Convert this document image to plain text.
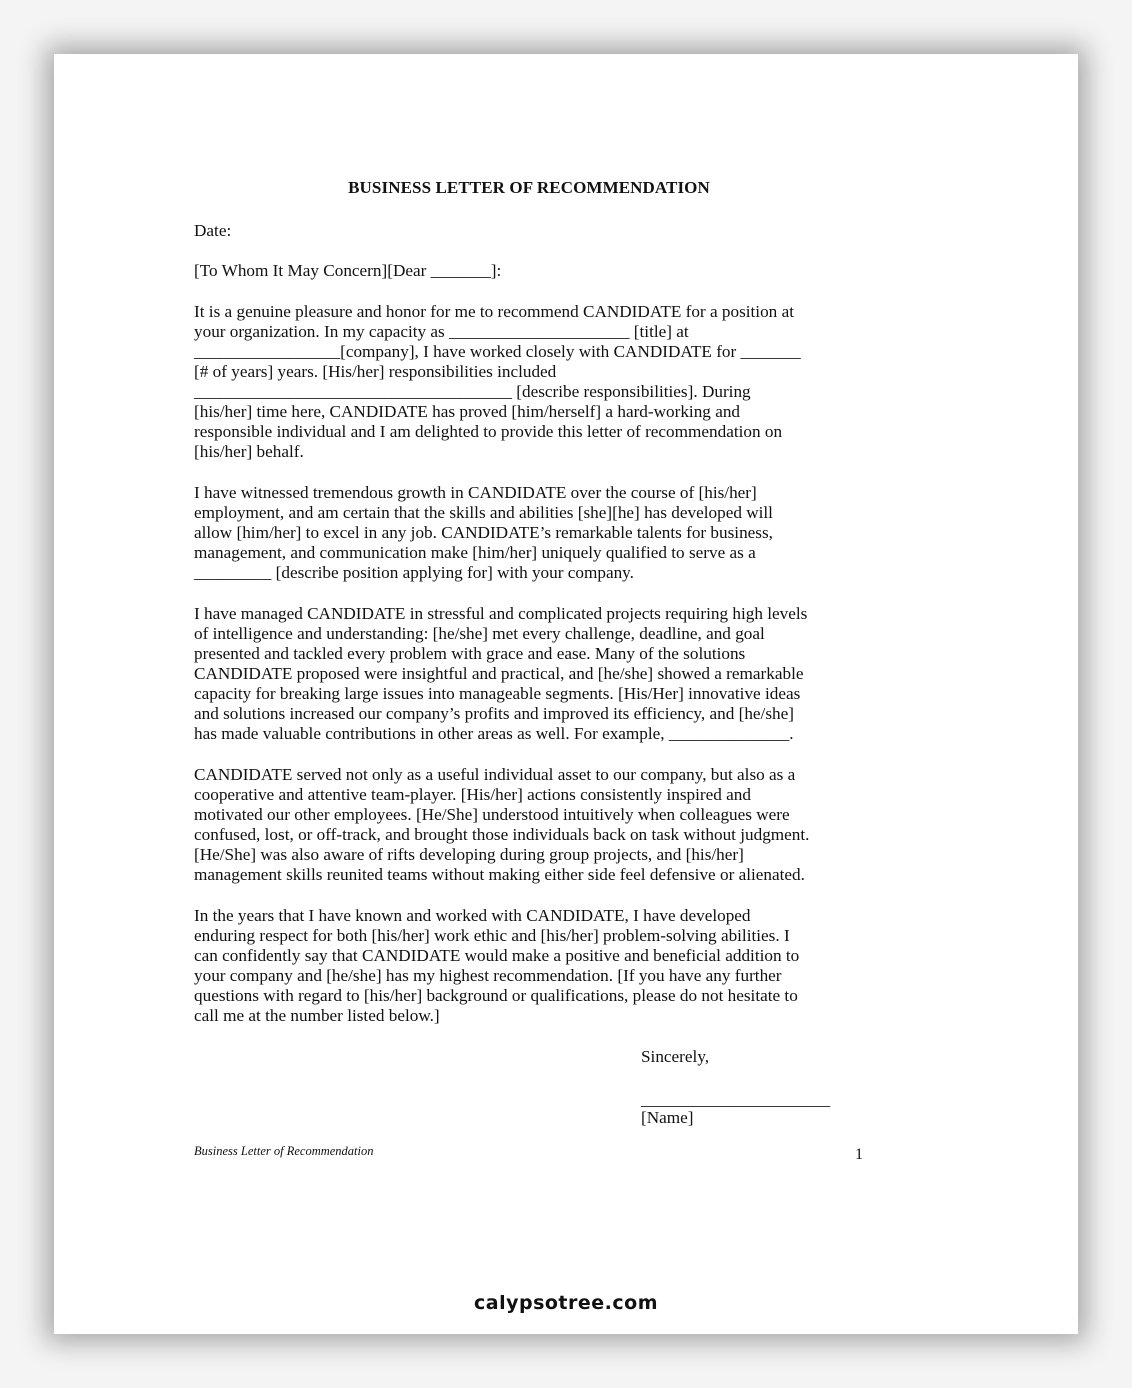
BUSINESS LETTER OF RECOMMENDATION
Date:
[To Whom It May Concern][Dear _______]:
It is a genuine pleasure and honor for me to recommend CANDIDATE for a position at
your organization. In my capacity as _____________________ [title] at
_________________[company], I have worked closely with CANDIDATE for _______
[# of years] years. [His/her] responsibilities included
_____________________________________ [describe responsibilities]. During
[his/her] time here, CANDIDATE has proved [him/herself] a hard-working and
responsible individual and I am delighted to provide this letter of recommendation on
[his/her] behalf.
I have witnessed tremendous growth in CANDIDATE over the course of [his/her]
employment, and am certain that the skills and abilities [she][he] has developed will
allow [him/her] to excel in any job. CANDIDATE’s remarkable talents for business,
management, and communication make [him/her] uniquely qualified to serve as a
_________ [describe position applying for] with your company.
I have managed CANDIDATE in stressful and complicated projects requiring high levels
of intelligence and understanding: [he/she] met every challenge, deadline, and goal
presented and tackled every problem with grace and ease. Many of the solutions
CANDIDATE proposed were insightful and practical, and [he/she] showed a remarkable
capacity for breaking large issues into manageable segments. [His/Her] innovative ideas
and solutions increased our company’s profits and improved its efficiency, and [he/she]
has made valuable contributions in other areas as well. For example, ______________.
CANDIDATE served not only as a useful individual asset to our company, but also as a
cooperative and attentive team-player. [His/her] actions consistently inspired and
motivated our other employees. [He/She] understood intuitively when colleagues were
confused, lost, or off-track, and brought those individuals back on task without judgment.
[He/She] was also aware of rifts developing during group projects, and [his/her]
management skills reunited teams without making either side feel defensive or alienated.
In the years that I have known and worked with CANDIDATE, I have developed
enduring respect for both [his/her] work ethic and [his/her] problem-solving abilities. I
can confidently say that CANDIDATE would make a positive and beneficial addition to
your company and [he/she] has my highest recommendation. [If you have any further
questions with regard to [his/her] background or qualifications, please do not hesitate to
call me at the number listed below.]
Sincerely,
______________________
[Name]
Business Letter of Recommendation	1
calypsotree.com
